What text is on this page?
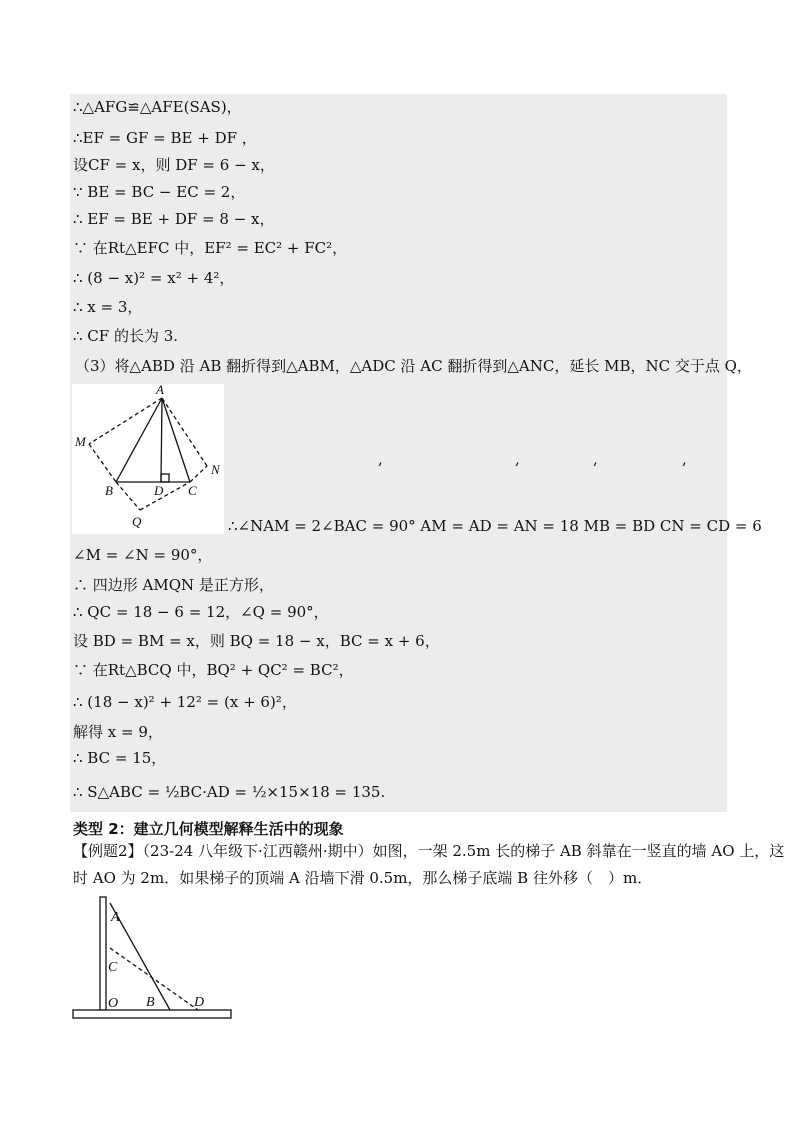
∴△AFG≌△AFE(SAS)，
∴EF = GF = BE + DF ，
设CF = x，则 DF = 6 − x，
∵ BE = BC − EC = 2，
∴ EF = BE + DF = 8 − x，
∵ 在Rt△EFC 中，EF² = EC² + FC²，
∴ (8 − x)² = x² + 4²，
∴ x = 3，
∴ CF 的长为 3.
（3）将△ABD 沿 AB 翻折得到△ABM，△ADC 沿 AC 翻折得到△ANC，延长 MB，NC 交于点 Q，
A
M
N
B	D C
Q
,	,	,	,
∴∠NAM = 2∠BAC = 90° AM = AD = AN = 18 MB = BD CN = CD = 6
∠M = ∠N = 90°，
∴ 四边形 AMQN 是正方形，
∴ QC = 18 − 6 = 12，∠Q = 90°，
设 BD = BM = x，则 BQ = 18 − x，BC = x + 6，
∵ 在Rt△BCQ 中，BQ² + QC² = BC²，
∴ (18 − x)² + 12² = (x + 6)²，
解得 x = 9，
∴ BC = 15，
∴ S△ABC = ½BC·AD = ½×15×18 = 135.
类型 2：建立几何模型解释生活中的现象
【例题2】（23-24 八年级下·江西赣州·期中）如图，一架 2.5m 长的梯子 AB 斜靠在一竖直的墙 AO 上，这
时 AO 为 2m．如果梯子的顶端 A 沿墙下滑 0.5m，那么梯子底端 B 往外移（　）m．
A
C
O B	D
